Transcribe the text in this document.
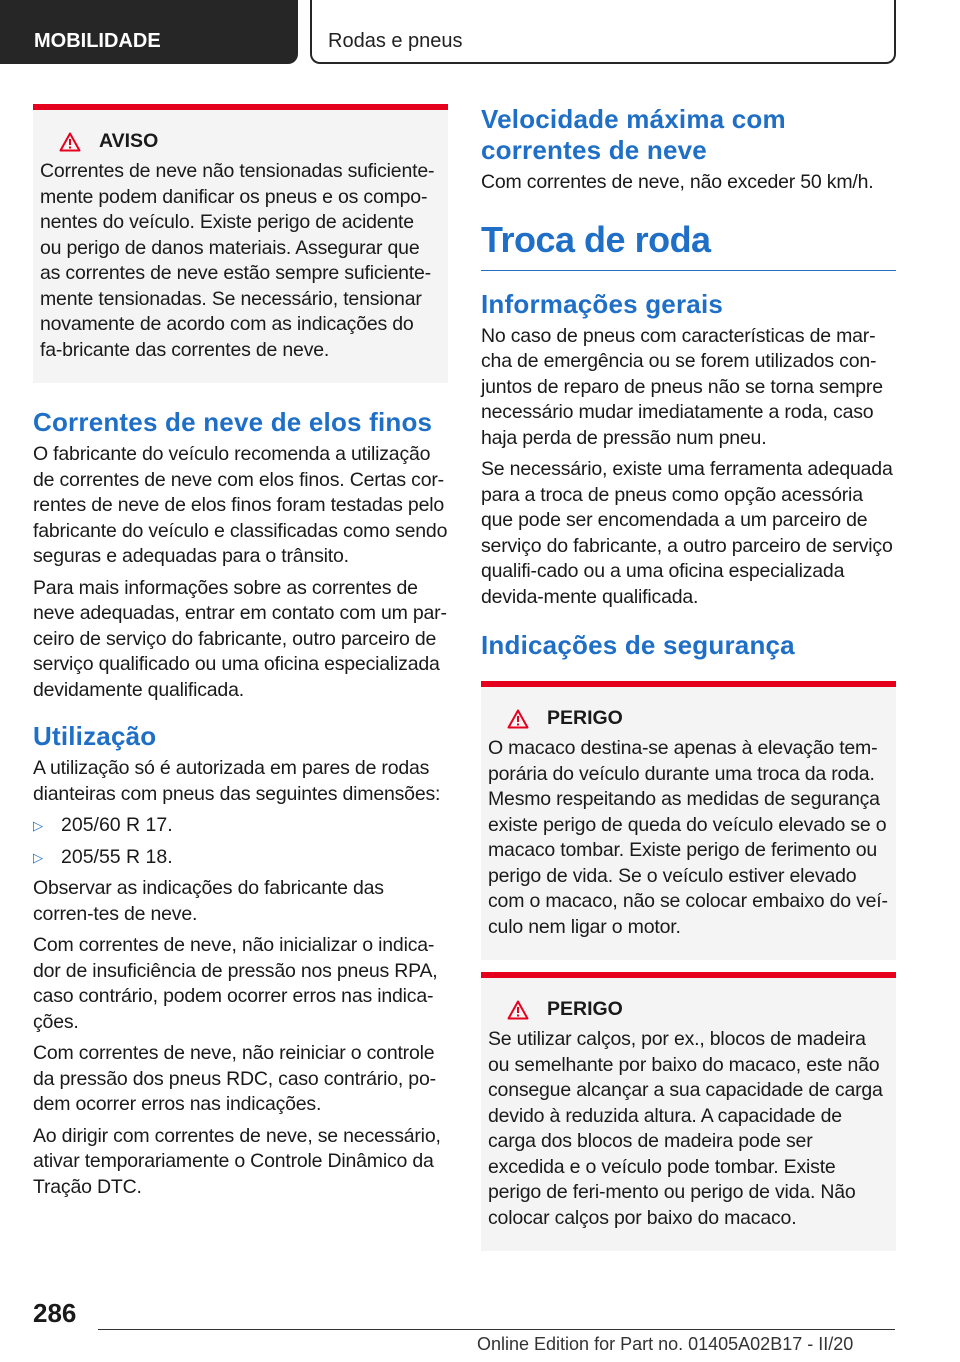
MOBILIDADE	Rodas e pneus
AVISO

Correntes de neve não tensionadas suficiente-mente podem danificar os pneus e os compo-nentes do veículo. Existe perigo de acidente ou perigo de danos materiais. Assegurar que as correntes de neve estão sempre suficiente-mente tensionadas. Se necessário, tensionar novamente de acordo com as indicações do fa-bricante das correntes de neve.

Correntes de neve de elos finos

O fabricante do veículo recomenda a utilização de correntes de neve com elos finos. Certas cor-rentes de neve de elos finos foram testadas pelo fabricante do veículo e classificadas como sendo seguras e adequadas para o trânsito.

Para mais informações sobre as correntes de neve adequadas, entrar em contato com um par-ceiro de serviço do fabricante, outro parceiro de serviço qualificado ou uma oficina especializada devidamente qualificada.

Utilização

A utilização só é autorizada em pares de rodas dianteiras com pneus das seguintes dimensões:

▷ 205/60 R 17.
▷ 205/55 R 18.

Observar as indicações do fabricante das corren-tes de neve.

Com correntes de neve, não inicializar o indica-dor de insuficiência de pressão nos pneus RPA, caso contrário, podem ocorrer erros nas indica-ções.

Com correntes de neve, não reiniciar o controle da pressão dos pneus RDC, caso contrário, po-dem ocorrer erros nas indicações.

Ao dirigir com correntes de neve, se necessário, ativar temporariamente o Controle Dinâmico da Tração DTC.

Velocidade máxima com correntes de neve

Com correntes de neve, não exceder 50 km/h.

Troca de roda
Informações gerais

No caso de pneus com características de mar-cha de emergência ou se forem utilizados con-juntos de reparo de pneus não se torna sempre necessário mudar imediatamente a roda, caso haja perda de pressão num pneu.

Se necessário, existe uma ferramenta adequada para a troca de pneus como opção acessória que pode ser encomendada a um parceiro de serviço do fabricante, a outro parceiro de serviço qualifi-cado ou a uma oficina especializada devida-mente qualificada.

Indicações de segurança
PERIGO

O macaco destina-se apenas à elevação tem-porária do veículo durante uma troca da roda. Mesmo respeitando as medidas de segurança existe perigo de queda do veículo elevado se o macaco tombar. Existe perigo de ferimento ou perigo de vida. Se o veículo estiver elevado com o macaco, não se colocar embaixo do veí-culo nem ligar o motor.

PERIGO

Se utilizar calços, por ex., blocos de madeira ou semelhante por baixo do macaco, este não consegue alcançar a sua capacidade de carga devido à reduzida altura. A capacidade de carga dos blocos de madeira pode ser excedida e o veículo pode tombar. Existe perigo de feri-mento ou perigo de vida. Não colocar calços por baixo do macaco.

286
Online Edition for Part no. 01405A02B17 - II/20
